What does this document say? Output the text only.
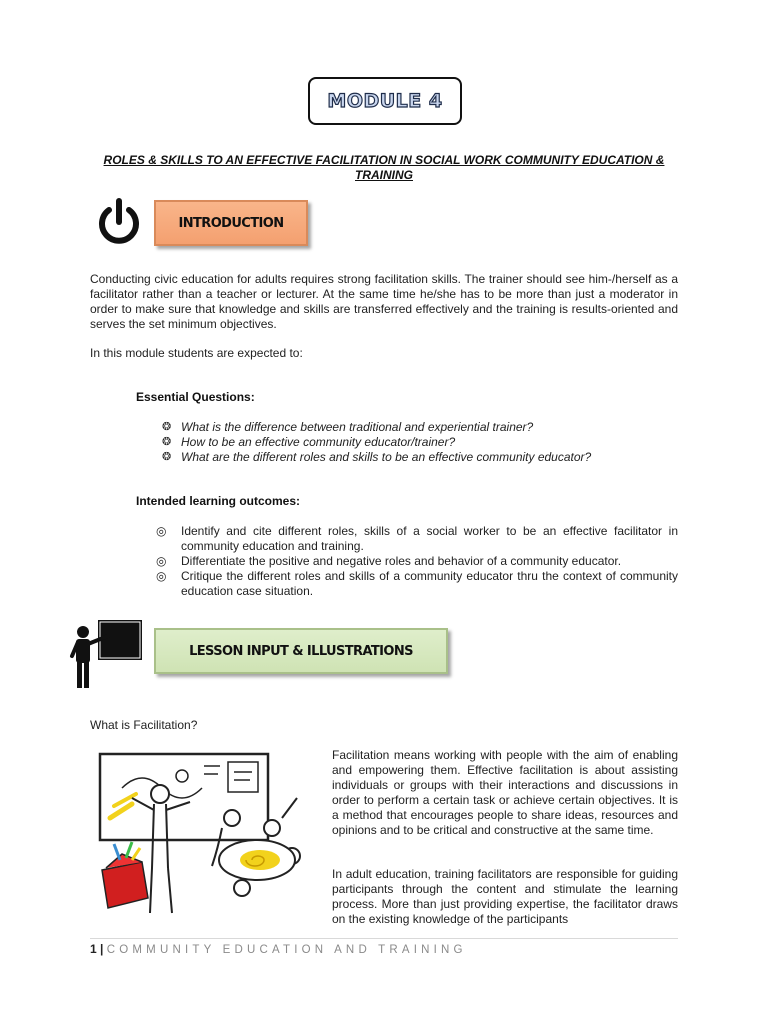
MODULE 4
ROLES & SKILLS TO AN EFFECTIVE FACILITATION IN SOCIAL WORK COMMUNITY EDUCATION & TRAINING
INTRODUCTION
Conducting civic education for adults requires strong facilitation skills. The trainer should see him-/herself as a facilitator rather than a teacher or lecturer. At the same time he/she has to be more than just a moderator in order to make sure that knowledge and skills are transferred effectively and the training is results-oriented and serves the set minimum objectives.
In this module students are expected to:
Essential Questions:
❂ What is the difference between traditional and experiential trainer?
❂ How to be an effective community educator/trainer?
❂ What are the different roles and skills to be an effective community educator?
Intended learning outcomes:
◎	Identify and cite different roles, skills of a social worker to be an effective facilitator in community education and training.
◎	Differentiate the positive and negative roles and behavior of a community educator.
◎	Critique the different roles and skills of a community educator thru the context of community education case situation.
LESSON INPUT & ILLUSTRATIONS
What is Facilitation?
Facilitation means working with people with the aim of enabling and empowering them. Effective facilitation is about assisting individuals or groups with their interactions and discussions in order to perform a certain task or achieve certain objectives. It is a method that encourages people to share ideas, resources and opinions and to be critical and constructive at the same time.
In adult education, training facilitators are responsible for guiding participants through the content and stimulate the learning process. More than just providing expertise, the facilitator draws on the existing knowledge of the participants
1 | COMMUNITY EDUCATION AND TRAINING
